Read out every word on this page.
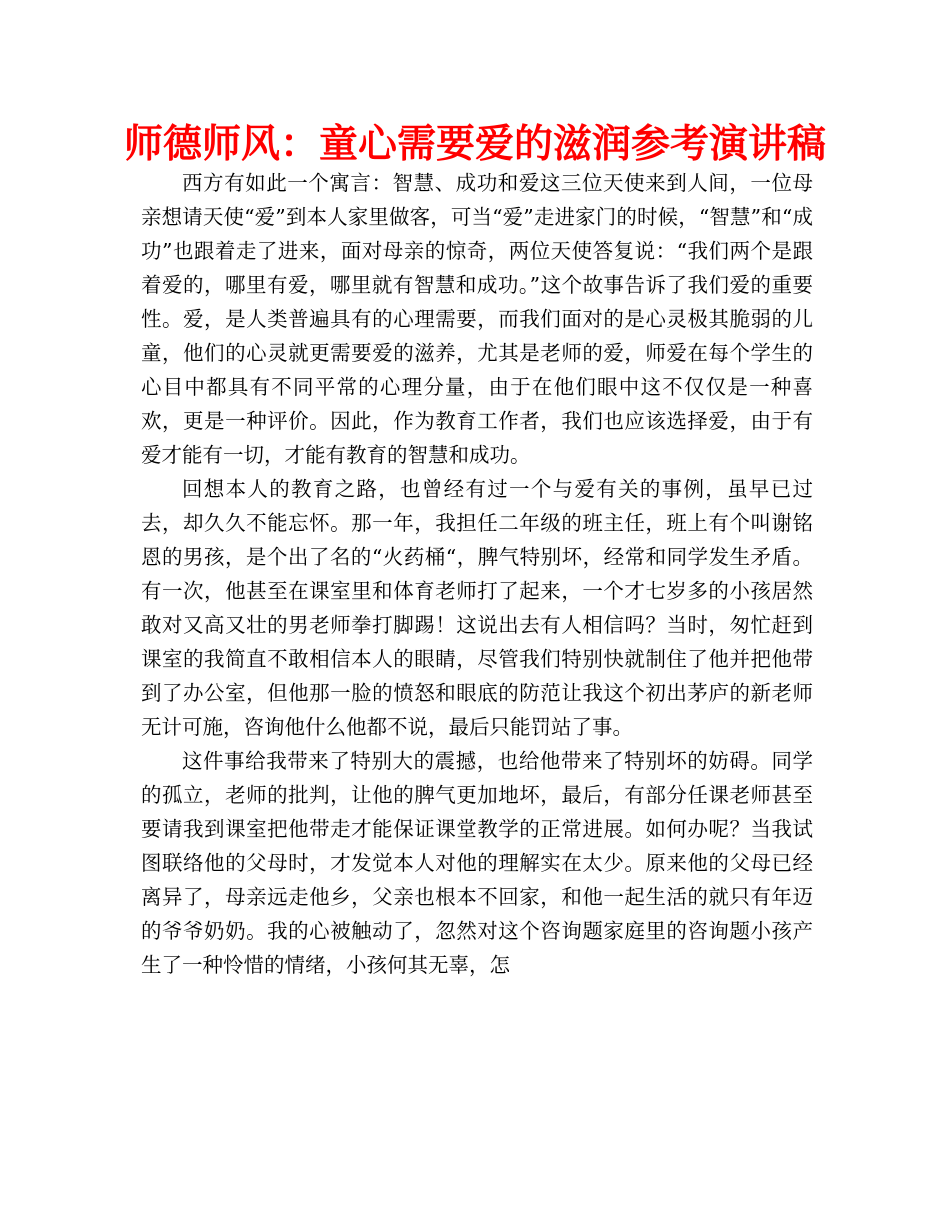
师德师风：童心需要爱的滋润参考演讲稿

西方有如此一个寓言：智慧、成功和爱这三位天使来到人间，一位母亲想请天使“爱”到本人家里做客，可当“爱”走进家门的时候，“智慧”和“成功”也跟着走了进来，面对母亲的惊奇，两位天使答复说：“我们两个是跟着爱的，哪里有爱，哪里就有智慧和成功。”这个故事告诉了我们爱的重要性。爱，是人类普遍具有的心理需要，而我们面对的是心灵极其脆弱的儿童，他们的心灵就更需要爱的滋养，尤其是老师的爱，师爱在每个学生的心目中都具有不同平常的心理分量，由于在他们眼中这不仅仅是一种喜欢，更是一种评价。因此，作为教育工作者，我们也应该选择爱，由于有爱才能有一切，才能有教育的智慧和成功。

回想本人的教育之路，也曾经有过一个与爱有关的事例，虽早已过去，却久久不能忘怀。那一年，我担任二年级的班主任，班上有个叫谢铭恩的男孩，是个出了名的“火药桶“，脾气特别坏，经常和同学发生矛盾。有一次，他甚至在课室里和体育老师打了起来，一个才七岁多的小孩居然敢对又高又壮的男老师拳打脚踢！这说出去有人相信吗？当时，匆忙赶到课室的我简直不敢相信本人的眼睛，尽管我们特别快就制住了他并把他带到了办公室，但他那一脸的愤怒和眼底的防范让我这个初出茅庐的新老师无计可施，咨询他什么他都不说，最后只能罚站了事。

这件事给我带来了特别大的震撼，也给他带来了特别坏的妨碍。同学的孤立，老师的批判，让他的脾气更加地坏，最后，有部分任课老师甚至要请我到课室把他带走才能保证课堂教学的正常进展。如何办呢？当我试图联络他的父母时，才发觉本人对他的理解实在太少。原来他的父母已经离异了，母亲远走他乡，父亲也根本不回家，和他一起生活的就只有年迈的爷爷奶奶。我的心被触动了，忽然对这个咨询题家庭里的咨询题小孩产生了一种怜惜的情绪，小孩何其无辜，怎
